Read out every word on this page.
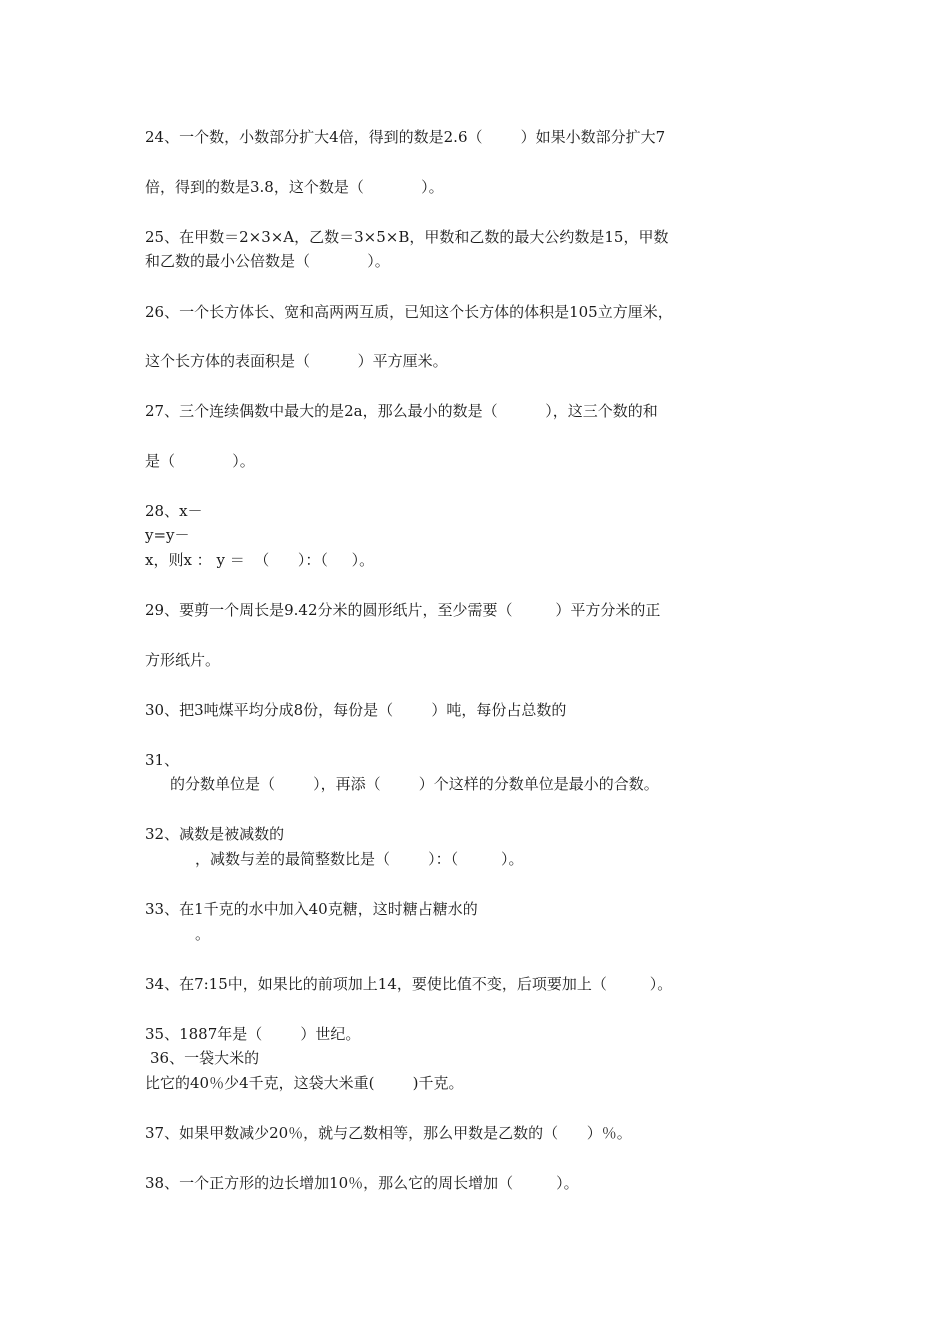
24、一个数，小数部分扩大4倍，得到的数是2.6（        ）如果小数部分扩大7
倍，得到的数是3.8，这个数是（            ）。
25、在甲数＝2×3×A，乙数＝3×5×B，甲数和乙数的最大公约数是15，甲数
和乙数的最小公倍数是（            ）。
26、一个长方体长、宽和高两两互质，已知这个长方体的体积是105立方厘米，
这个长方体的表面积是（          ）平方厘米。
27、三个连续偶数中最大的是2a，那么最小的数是（          ），这三个数的和
是（            ）。
28、x－
y=y－
x，则x ： y ＝  （      ）：（     ）。
29、要剪一个周长是9.42分米的圆形纸片，至少需要（         ）平方分米的正
方形纸片。
30、把3吨煤平均分成8份，每份是（        ）吨，每份占总数的
31、
的分数单位是（        ），再添（        ）个这样的分数单位是最小的合数。
32、减数是被减数的
，减数与差的最简整数比是（        ）：（         ）。
33、在1千克的水中加入40克糖，这时糖占糖水的
。
34、在7:15中，如果比的前项加上14，要使比值不变，后项要加上（         ）。
35、1887年是（        ）世纪。
36、一袋大米的
比它的40％少4千克，这袋大米重(        )千克。
37、如果甲数减少20％，就与乙数相等，那么甲数是乙数的（      ）％。
38、一个正方形的边长增加10％，那么它的周长增加（         ）。
